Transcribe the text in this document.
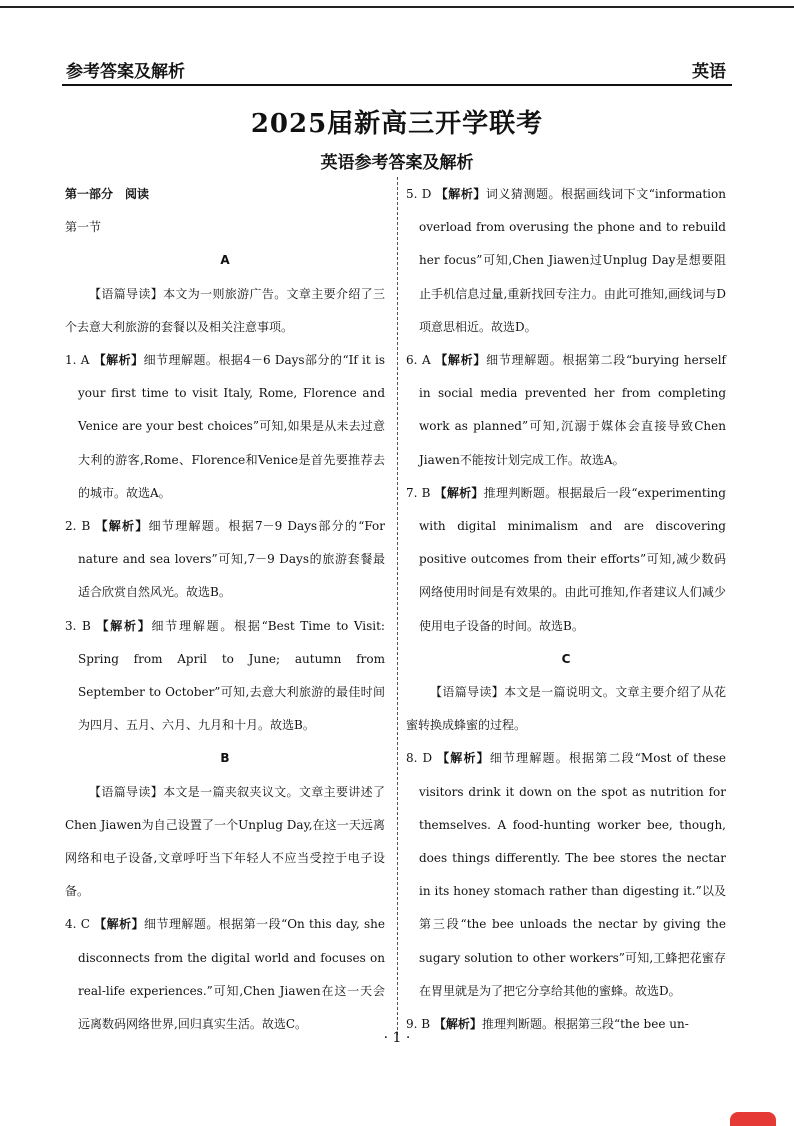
参考答案及解析	英语
2025届新高三开学联考
英语参考答案及解析

第一部分　阅读

第一节

A

【语篇导读】本文为一则旅游广告。文章主要介绍了三个去意大利旅游的套餐以及相关注意事项。

1. A 【解析】细节理解题。根据4－6 Days部分的“If it is your first time to visit Italy, Rome, Florence and Venice are your best choices”可知,如果是从未去过意大利的游客,Rome、Florence和Venice是首先要推荐去的城市。故选A。

2. B 【解析】细节理解题。根据7－9 Days部分的“For nature and sea lovers”可知,7－9 Days的旅游套餐最适合欣赏自然风光。故选B。

3. B 【解析】细节理解题。根据“Best Time to Visit: Spring from April to June; autumn from September to October”可知,去意大利旅游的最佳时间为四月、五月、六月、九月和十月。故选B。

B

【语篇导读】本文是一篇夹叙夹议文。文章主要讲述了Chen Jiawen为自己设置了一个Unplug Day,在这一天远离网络和电子设备,文章呼吁当下年轻人不应当受控于电子设备。

4. C 【解析】细节理解题。根据第一段“On this day, she disconnects from the digital world and focuses on real-life experiences.”可知,Chen Jiawen在这一天会远离数码网络世界,回归真实生活。故选C。

5. D 【解析】词义猜测题。根据画线词下文“information overload from overusing the phone and to rebuild her focus”可知,Chen Jiawen过Unplug Day是想要阻止手机信息过量,重新找回专注力。由此可推知,画线词与D项意思相近。故选D。

6. A 【解析】细节理解题。根据第二段“burying herself in social media prevented her from completing work as planned”可知,沉溺于媒体会直接导致Chen Jiawen不能按计划完成工作。故选A。

7. B 【解析】推理判断题。根据最后一段“experimenting with digital minimalism and are discovering positive outcomes from their efforts”可知,减少数码网络使用时间是有效果的。由此可推知,作者建议人们减少使用电子设备的时间。故选B。

C

【语篇导读】本文是一篇说明文。文章主要介绍了从花蜜转换成蜂蜜的过程。

8. D 【解析】细节理解题。根据第二段“Most of these visitors drink it down on the spot as nutrition for themselves. A food-hunting worker bee, though, does things differently. The bee stores the nectar in its honey stomach rather than digesting it.”以及第三段“the bee unloads the nectar by giving the sugary solution to other workers”可知,工蜂把花蜜存在胃里就是为了把它分享给其他的蜜蜂。故选D。

9. B 【解析】推理判断题。根据第三段“the bee un-

· 1 ·
